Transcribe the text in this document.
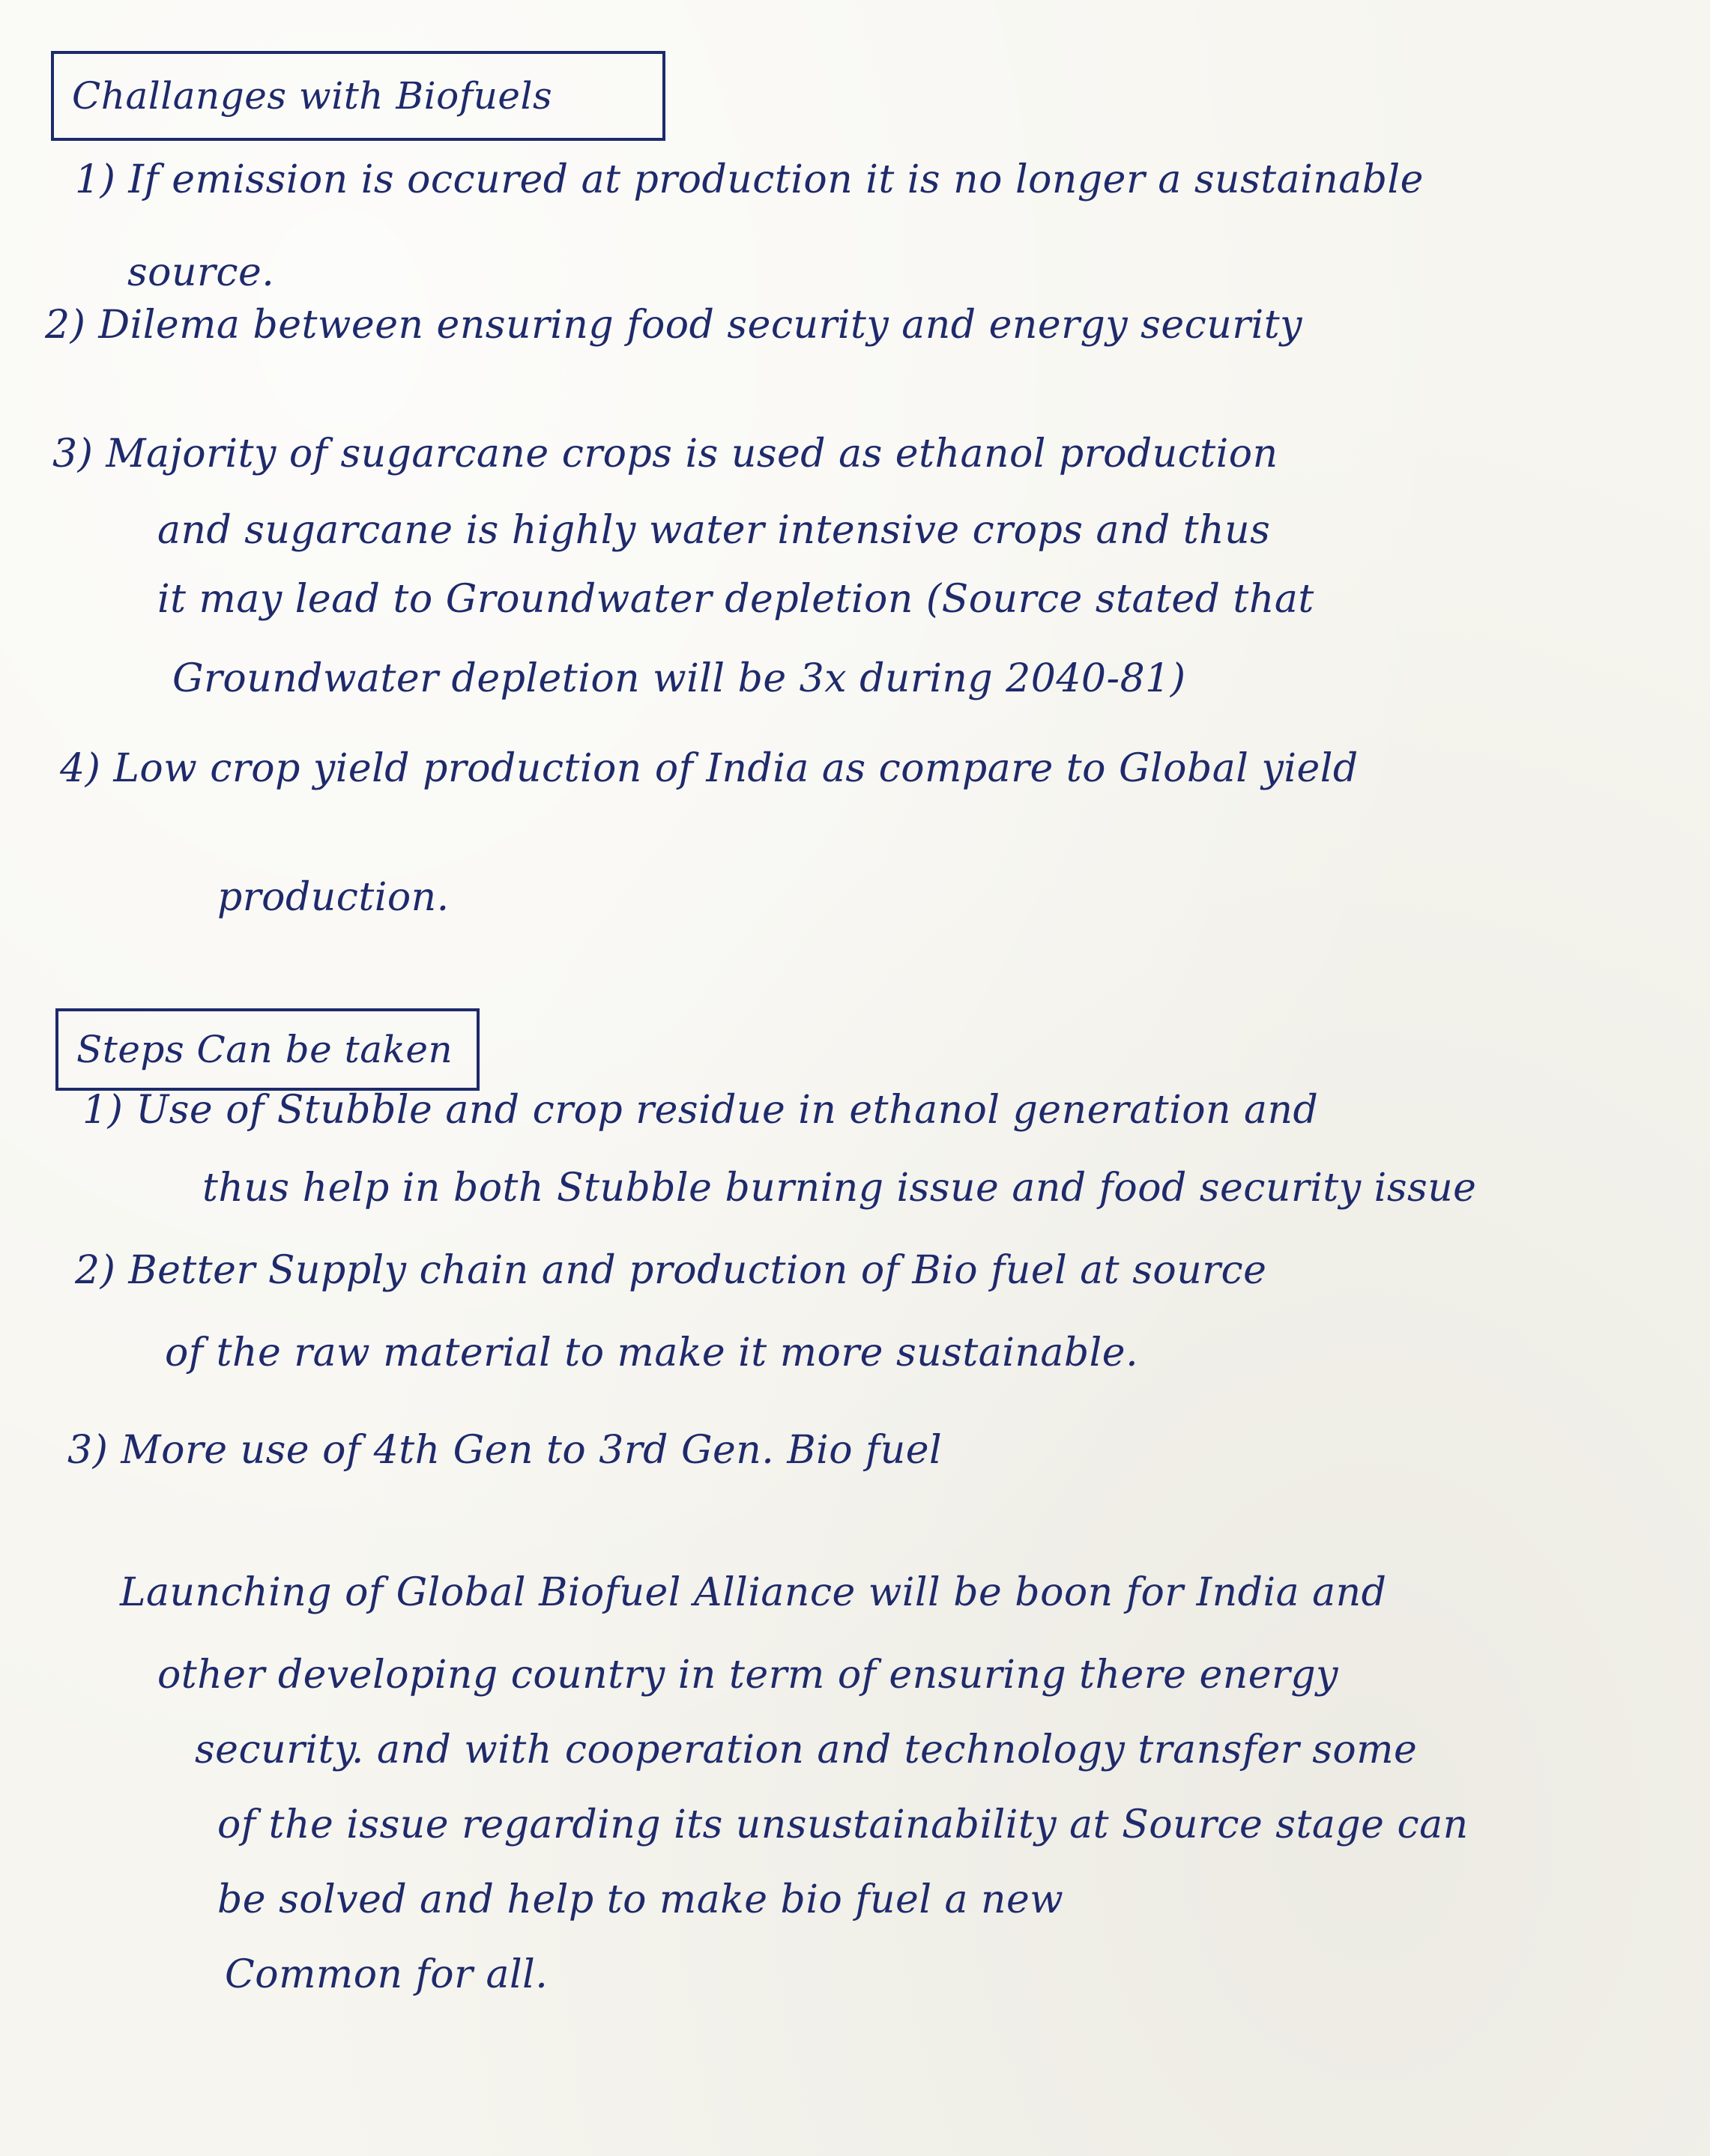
Challanges with Biofuels
1) If emission is occured at production it is no longer a sustainable
source.
2) Dilema between ensuring food security and energy security
3) Majority of sugarcane crops is used as ethanol production
and sugarcane is highly water intensive crops and thus
it may lead to Groundwater depletion (Source stated that
Groundwater depletion will be 3x during 2040-81)
4) Low crop yield production of India as compare to Global yield
production.
Steps Can be taken
1) Use of Stubble and crop residue in ethanol generation and
thus help in both Stubble burning issue and food security issue
2) Better Supply chain and production of Bio fuel at source
of the raw material to make it more sustainable.
3) More use of 4th Gen to 3rd Gen. Bio fuel
Launching of Global Biofuel Alliance will be boon for India and
other developing country in term of ensuring there energy
security. and with cooperation and technology transfer some
of the issue regarding its unsustainability at Source stage can
be solved and help to make bio fuel a new
Common for all.
